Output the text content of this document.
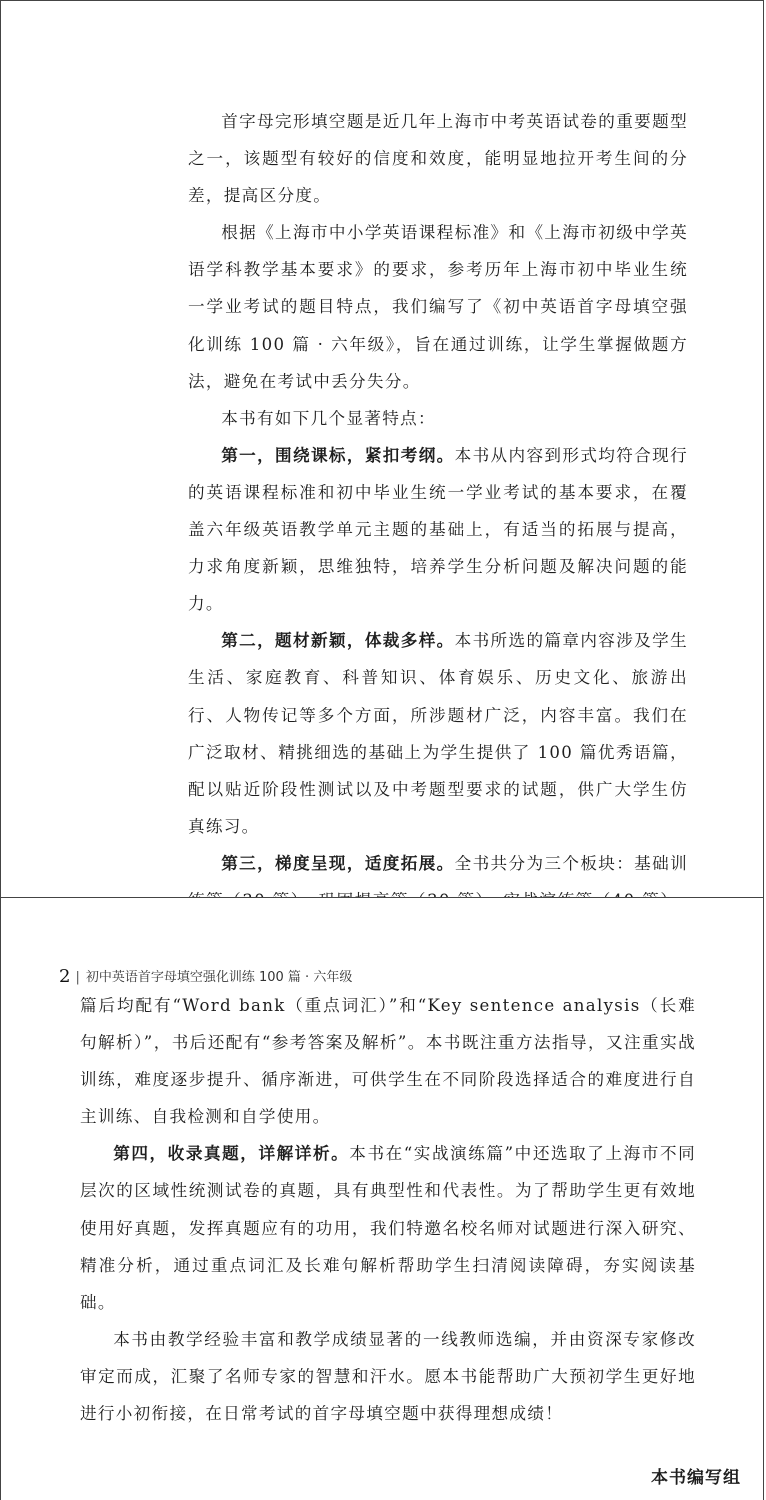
首字母完形填空题是近几年上海市中考英语试卷的重要题型之一，该题型有较好的信度和效度，能明显地拉开考生间的分差，提高区分度。

根据《上海市中小学英语课程标准》和《上海市初级中学英语学科教学基本要求》的要求，参考历年上海市初中毕业生统一学业考试的题目特点，我们编写了《初中英语首字母填空强化训练 100 篇 · 六年级》，旨在通过训练，让学生掌握做题方法，避免在考试中丢分失分。

本书有如下几个显著特点：

第一，围绕课标，紧扣考纲。本书从内容到形式均符合现行的英语课程标准和初中毕业生统一学业考试的基本要求，在覆盖六年级英语教学单元主题的基础上，有适当的拓展与提高，力求角度新颖，思维独特，培养学生分析问题及解决问题的能力。

第二，题材新颖，体裁多样。本书所选的篇章内容涉及学生生活、家庭教育、科普知识、体育娱乐、历史文化、旅游出行、人物传记等多个方面，所涉题材广泛，内容丰富。我们在广泛取材、精挑细选的基础上为学生提供了 100 篇优秀语篇，配以贴近阶段性测试以及中考题型要求的试题，供广大学生仿真练习。

第三，梯度呈现，适度拓展。全书共分为三个板块：基础训

2 | 初中英语首字母填空强化训练 100 篇 · 六年级

篇后均配有“Word bank（重点词汇）”和“Key sentence analysis（长难句解析）”，书后还配有“参考答案及解析”。本书既注重方法指导，又注重实战训练，难度逐步提升、循序渐进，可供学生在不同阶段选择适合的难度进行自主训练、自我检测和自学使用。

第四，收录真题，详解详析。本书在“实战演练篇”中还选取了上海市不同层次的区域性统测试卷的真题，具有典型性和代表性。为了帮助学生更有效地使用好真题，发挥真题应有的功用，我们特邀名校名师对试题进行深入研究、精准分析，通过重点词汇及长难句解析帮助学生扫清阅读障碍，夯实阅读基础。

本书由教学经验丰富和教学成绩显著的一线教师选编，并由资深专家修改审定而成，汇聚了名师专家的智慧和汗水。愿本书能帮助广大预初学生更好地进行小初衔接，在日常考试的首字母填空题中获得理想成绩！

本书编写组
